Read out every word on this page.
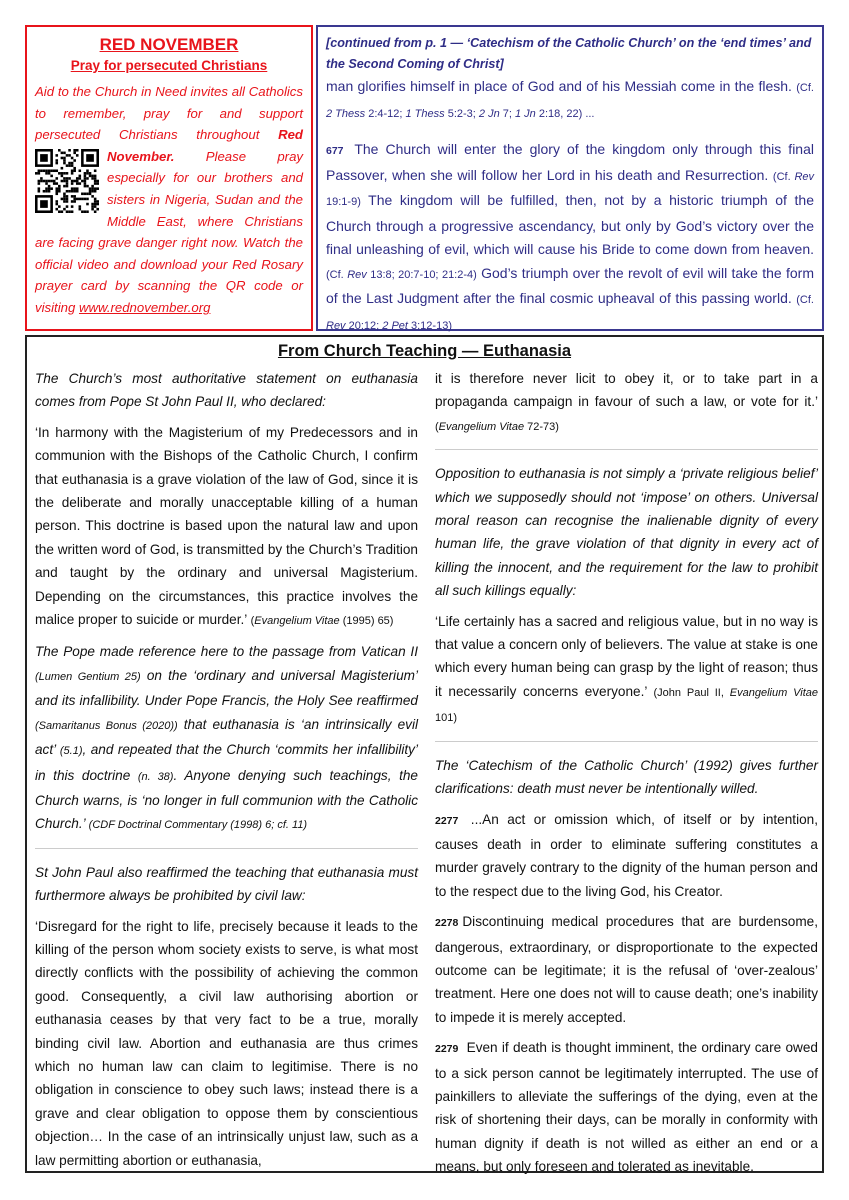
RED NOVEMBER
Pray for persecuted Christians
Aid to the Church in Need invites all Catholics to remember, pray for and support persecuted Christians throughout Red November.
Please pray especially for our brothers and sisters in Nigeria, Sudan and the Middle East, where Christians are facing grave danger right now. Watch the official video and download your Red Rosary prayer card by scanning the QR code or visiting www.rednovember.org
[continued from p. 1 — ‘Catechism of the Catholic Church’ on the ‘end times’ and the Second Coming of Christ]

man glorifies himself in place of God and of his Messiah come in the flesh. (Cf. 2 Thess 2:4-12; 1 Thess 5:2-3; 2 Jn 7; 1 Jn 2:18, 22) ...

677 The Church will enter the glory of the kingdom only through this final Passover, when she will follow her Lord in his death and Resurrection. (Cf. Rev 19:1-9) The kingdom will be fulfilled, then, not by a historic triumph of the Church through a progressive ascendancy, but only by God’s victory over the final unleashing of evil, which will cause his Bride to come down from heaven. (Cf. Rev 13:8; 20:7-10; 21:2-4) God’s triumph over the revolt of evil will take the form of the Last Judgment after the final cosmic upheaval of this passing world. (Cf. Rev 20:12; 2 Pet 3:12-13)

From Church Teaching — Euthanasia

The Church’s most authoritative statement on euthanasia comes from Pope St John Paul II, who declared:

‘In harmony with the Magisterium of my Predecessors and in communion with the Bishops of the Catholic Church, I confirm that euthanasia is a grave violation of the law of God, since it is the deliberate and morally unacceptable killing of a human person. This doctrine is based upon the natural law and upon the written word of God, is transmitted by the Church’s Tradition and taught by the ordinary and universal Magisterium. Depending on the circumstances, this practice involves the malice proper to suicide or murder.’ (Evangelium Vitae (1995) 65)

The Pope made reference here to the passage from Vatican II (Lumen Gentium 25) on the ‘ordinary and universal Magisterium’ and its infallibility. Under Pope Francis, the Holy See reaffirmed (Samaritanus Bonus (2020)) that euthanasia is ‘an intrinsically evil act’ (5.1), and repeated that the Church ‘commits her infallibility’ in this doctrine (n. 38). Anyone denying such teachings, the Church warns, is ‘no longer in full communion with the Catholic Church.’ (CDF Doctrinal Commentary (1998) 6; cf. 11)

St John Paul also reaffirmed the teaching that euthanasia must furthermore always be prohibited by civil law:

‘Disregard for the right to life, precisely because it leads to the killing of the person whom society exists to serve, is what most directly conflicts with the possibility of achieving the common good. Consequently, a civil law authorising abortion or euthanasia ceases by that very fact to be a true, morally binding civil law. Abortion and euthanasia are thus crimes which no human law can claim to legitimise. There is no obligation in conscience to obey such laws; instead there is a grave and clear obligation to oppose them by conscientious objection… In the case of an intrinsically unjust law, such as a law permitting abortion or euthanasia,

it is therefore never licit to obey it, or to take part in a propaganda campaign in favour of such a law, or vote for it.’ (Evangelium Vitae 72-73)

Opposition to euthanasia is not simply a ‘private religious belief’ which we supposedly should not ‘impose’ on others. Universal moral reason can recognise the inalienable dignity of every human life, the grave violation of that dignity in every act of killing the innocent, and the requirement for the law to prohibit all such killings equally:

‘Life certainly has a sacred and religious value, but in no way is that value a concern only of believers. The value at stake is one which every human being can grasp by the light of reason; thus it necessarily concerns everyone.’ (John Paul II, Evangelium Vitae 101)

The ‘Catechism of the Catholic Church’ (1992) gives further clarifications: death must never be intentionally willed.

2277 ...An act or omission which, of itself or by intention, causes death in order to eliminate suffering constitutes a murder gravely contrary to the dignity of the human person and to the respect due to the living God, his Creator.

2278 Discontinuing medical procedures that are burdensome, dangerous, extraordinary, or disproportionate to the expected outcome can be legitimate; it is the refusal of ‘over-zealous’ treatment. Here one does not will to cause death; one’s inability to impede it is merely accepted.

2279 Even if death is thought imminent, the ordinary care owed to a sick person cannot be legitimately interrupted. The use of painkillers to alleviate the sufferings of the dying, even at the risk of shortening their days, can be morally in conformity with human dignity if death is not willed as either an end or a means, but only foreseen and tolerated as inevitable.
